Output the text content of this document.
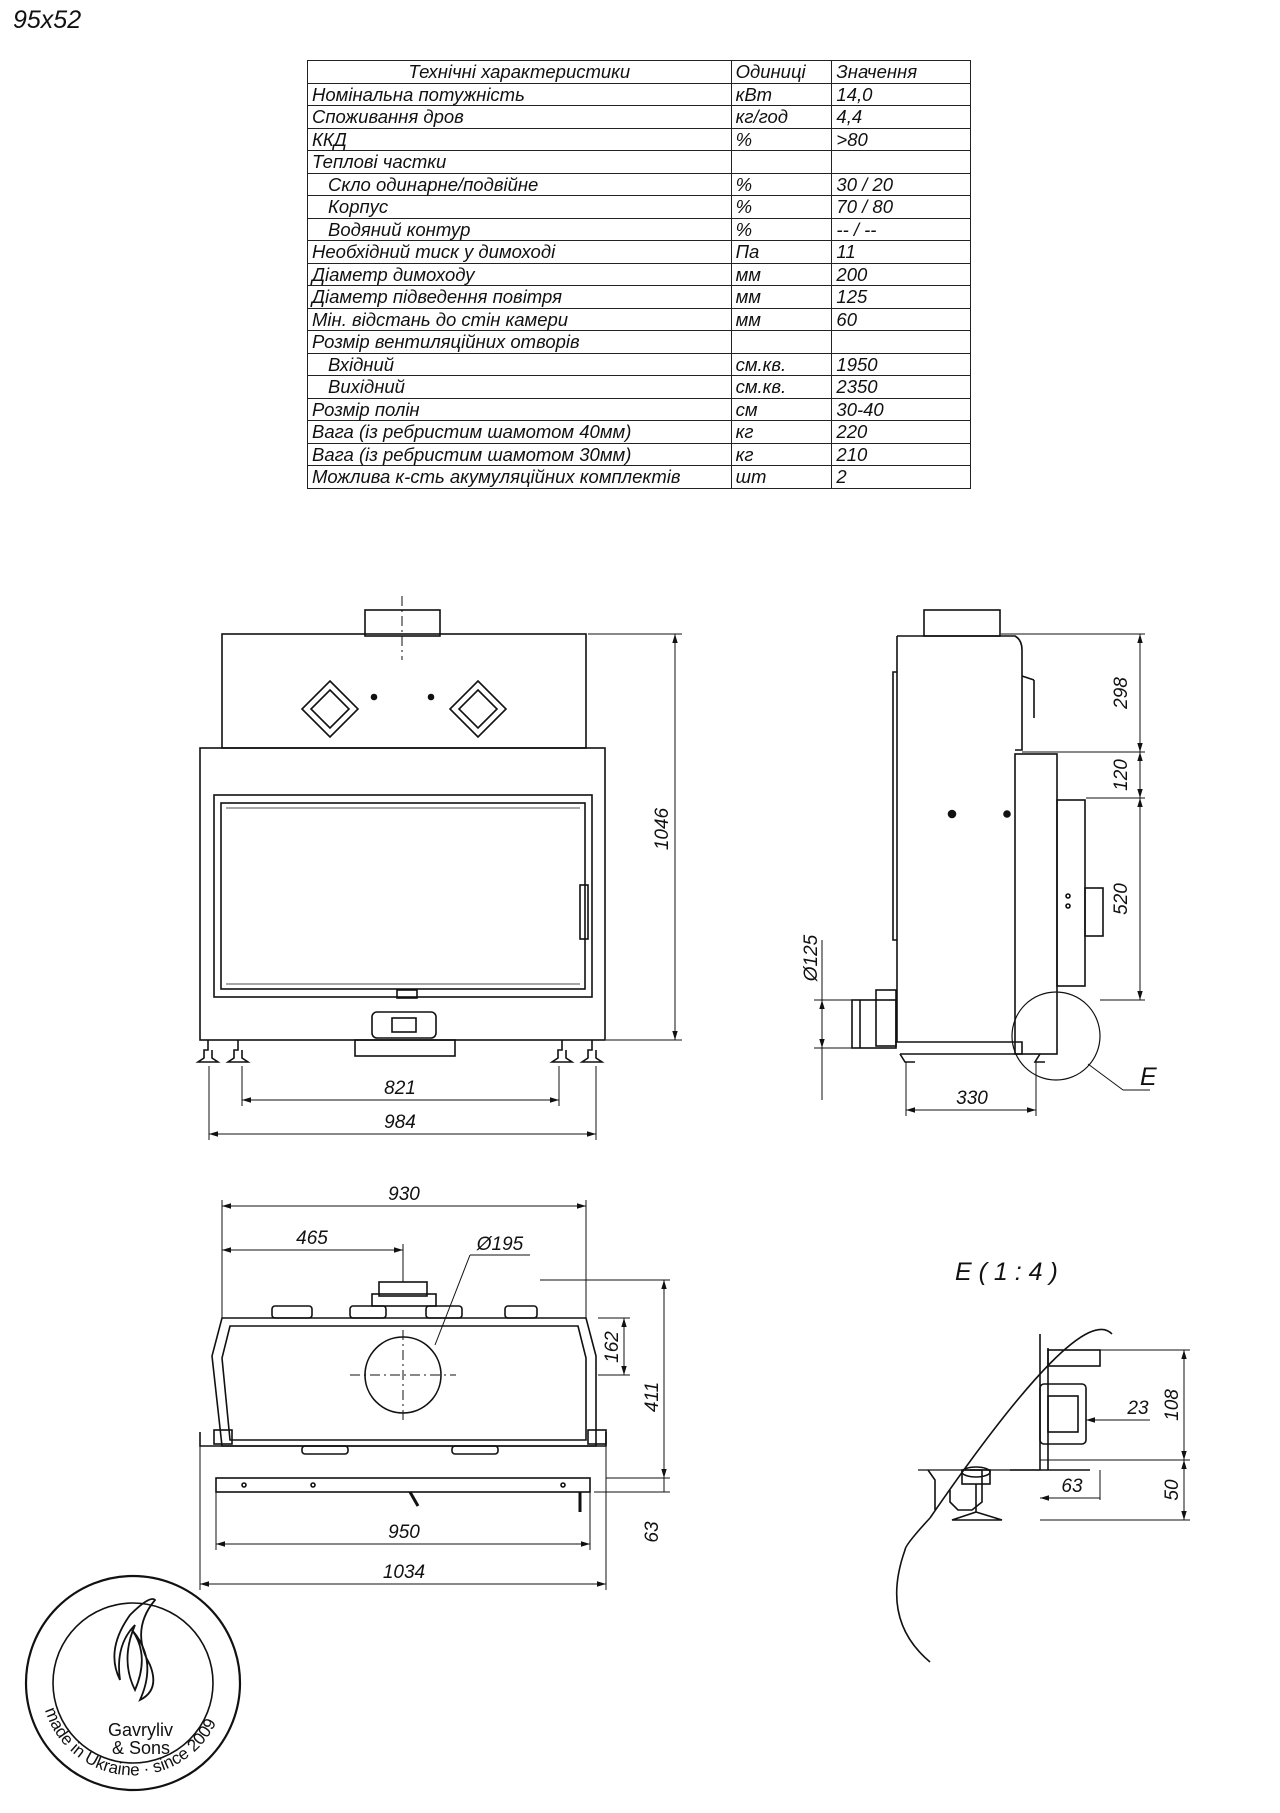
95x52
Технічні характеристики	Одиниці	Значення
Номінальна потужність	кВт	14,0
Споживання дров	кг/год	4,4
ККД	%	>80
Теплові частки		
Скло одинарне/подвійне	%	30 / 20
Корпус	%	70 / 80
Водяний контур	%	-- / --
Необхідний тиск у димоході	Па	11
Діаметр димоходу	мм	200
Діаметр підведення повітря	мм	125
Мін. відстань до стін камери	мм	60
Розмір вентиляційних отворів		
Вхідний	см.кв.	1950
Вихідний	см.кв.	2350
Розмір полін	см	30-40
Вага (із ребристим шамотом 40мм)	кг	220
Вага (із ребристим шамотом 30мм)	кг	210
Можлива к-сть акумуляційних комплектів	шт	2
1046
821
984
298
120
520
Ø125
330
E
930
465	Ø195
162
411
950
1034
63
E ( 1 : 4 )
23
63
108
50
Gavryliv
& Sons
made in Ukraine · since 2009
